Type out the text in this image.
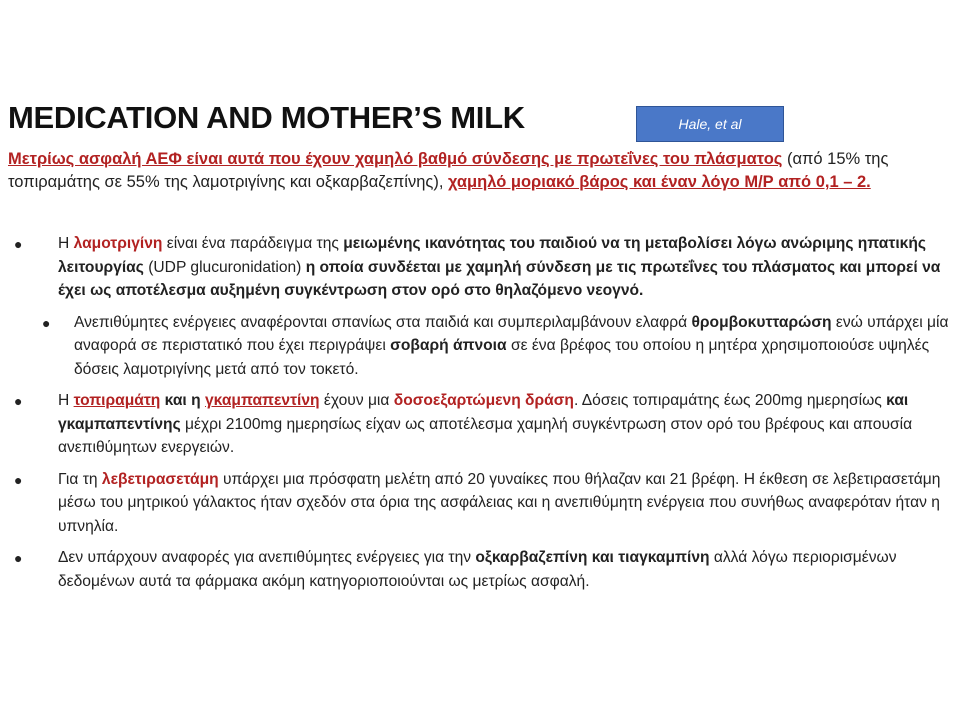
MEDICATION AND MOTHER’S MILK	Hale, et al
Μετρίως ασφαλή ΑΕΦ είναι αυτά που έχουν χαμηλό βαθμό σύνδεσης με πρωτεΐνες του πλάσματος (από 15% της τοπιραμάτης σε 55% της λαμοτριγίνης και οξκαρβαζεπίνης), χαμηλό μοριακό βάρος και έναν λόγο Μ/Ρ από 0,1 – 2.
● Η λαμοτριγίνη είναι ένα παράδειγμα της μειωμένης ικανότητας του παιδιού να τη μεταβολίσει λόγω ανώριμης ηπατικής λειτουργίας (UDP glucuronidation) η οποία συνδέεται με χαμηλή σύνδεση με τις πρωτεΐνες του πλάσματος και μπορεί να έχει ως αποτέλεσμα αυξημένη συγκέντρωση στον ορό στο θηλαζόμενο νεογνό.
● Ανεπιθύμητες ενέργειες αναφέρονται σπανίως στα παιδιά και συμπεριλαμβάνουν ελαφρά θρομβοκυτταρώση ενώ υπάρχει μία αναφορά σε περιστατικό που έχει περιγράψει σοβαρή άπνοια σε ένα βρέφος του οποίου η μητέρα χρησιμοποιούσε υψηλές δόσεις λαμοτριγίνης μετά από τον τοκετό.
● Η τοπιραμάτη και η γκαμπαπεντίνη έχουν μια δοσοεξαρτώμενη δράση. Δόσεις τοπιραμάτης έως 200mg ημερησίως και γκαμπαπεντίνης μέχρι 2100mg ημερησίως είχαν ως αποτέλεσμα χαμηλή συγκέντρωση στον ορό του βρέφους και απουσία ανεπιθύμητων ενεργειών.
● Για τη λεβετιρασετάμη υπάρχει μια πρόσφατη μελέτη από 20 γυναίκες που θήλαζαν και 21 βρέφη. Η έκθεση σε λεβετιρασετάμη μέσω του μητρικού γάλακτος ήταν σχεδόν στα όρια της ασφάλειας και η ανεπιθύμητη ενέργεια που συνήθως αναφερόταν ήταν η υπνηλία.
● Δεν υπάρχουν αναφορές για ανεπιθύμητες ενέργειες για την οξκαρβαζεπίνη και τιαγκαμπίνη αλλά λόγω περιορισμένων δεδομένων αυτά τα φάρμακα ακόμη κατηγοριοποιούνται ως μετρίως ασφαλή.
